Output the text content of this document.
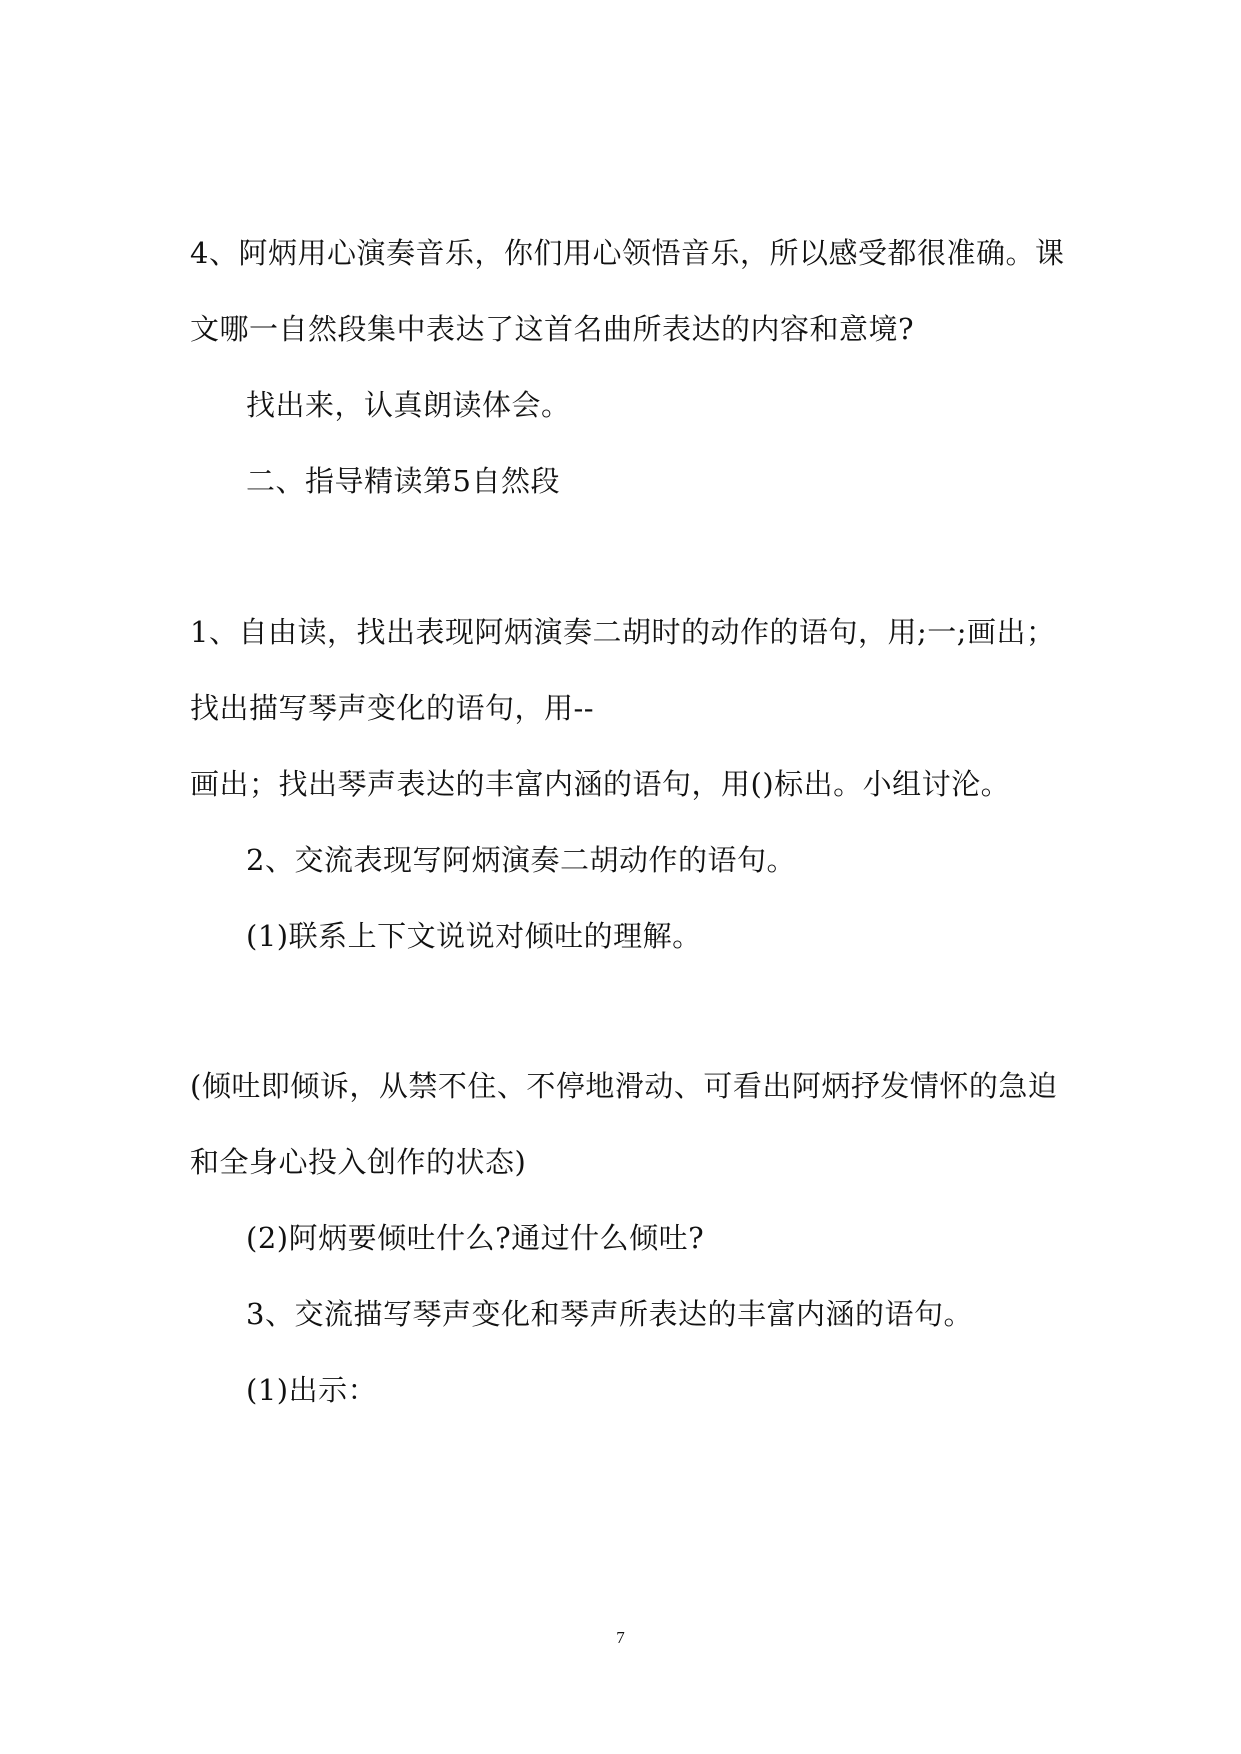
4、阿炳用心演奏音乐，你们用心领悟音乐，所以感受都很准确。课
文哪一自然段集中表达了这首名曲所表达的内容和意境?
找出来，认真朗读体会。
二、指导精读第5自然段
1、自由读，找出表现阿炳演奏二胡时的动作的语句，用;一;画出；
找出描写琴声变化的语句，用--
画出；找出琴声表达的丰富内涵的语句，用()标出。小组讨沦。
2、交流表现写阿炳演奏二胡动作的语句。
(1)联系上下文说说对倾吐的理解。
(倾吐即倾诉，从禁不住、不停地滑动、可看出阿炳抒发情怀的急迫
和全身心投入创作的状态)
(2)阿炳要倾吐什么?通过什么倾吐?
3、交流描写琴声变化和琴声所表达的丰富内涵的语句。
(1)出示：
7
